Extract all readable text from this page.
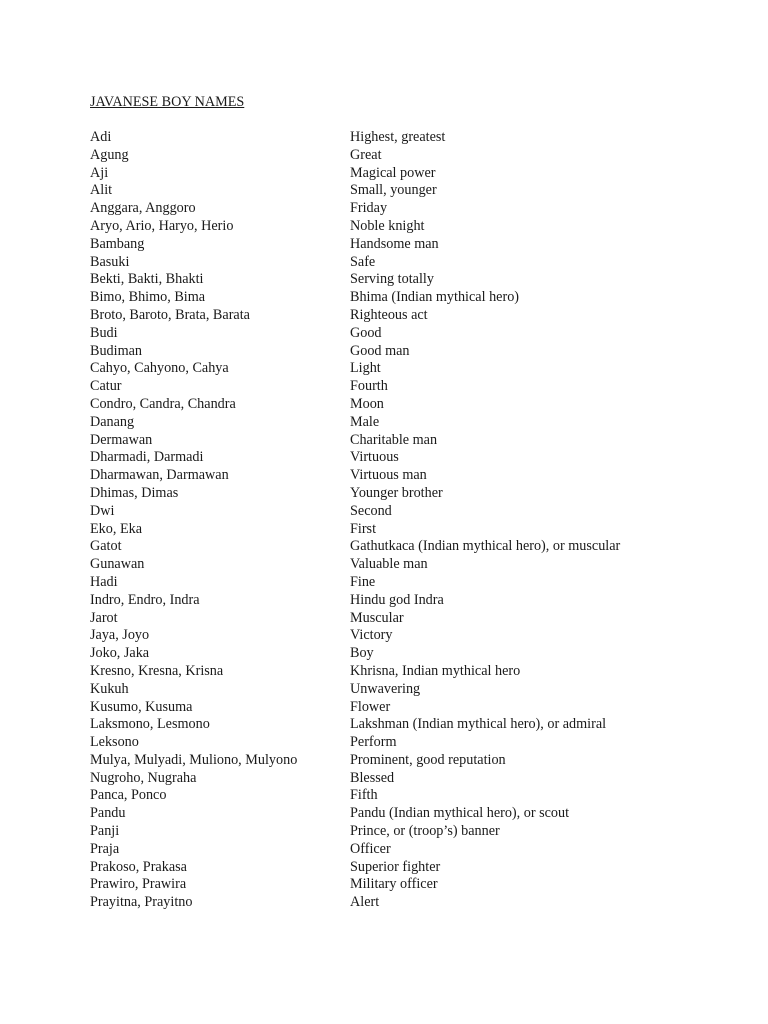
JAVANESE BOY NAMES
Adi	Highest, greatest
Agung	Great
Aji	Magical power
Alit	Small, younger
Anggara, Anggoro	Friday
Aryo, Ario, Haryo, Herio	Noble knight
Bambang	Handsome man
Basuki	Safe
Bekti, Bakti, Bhakti	Serving totally
Bimo, Bhimo, Bima	Bhima (Indian mythical hero)
Broto, Baroto, Brata, Barata	Righteous act
Budi	Good
Budiman	Good man
Cahyo, Cahyono, Cahya	Light
Catur	Fourth
Condro, Candra, Chandra	Moon
Danang	Male
Dermawan	Charitable man
Dharmadi, Darmadi	Virtuous
Dharmawan, Darmawan	Virtuous man
Dhimas, Dimas	Younger brother
Dwi	Second
Eko, Eka	First
Gatot	Gathutkaca (Indian mythical hero), or muscular
Gunawan	Valuable man
Hadi	Fine
Indro, Endro, Indra	Hindu god Indra
Jarot	Muscular
Jaya, Joyo	Victory
Joko, Jaka	Boy
Kresno, Kresna, Krisna	Khrisna, Indian mythical hero
Kukuh	Unwavering
Kusumo, Kusuma	Flower
Laksmono, Lesmono	Lakshman (Indian mythical hero), or admiral
Leksono	Perform
Mulya, Mulyadi, Muliono, Mulyono	Prominent, good reputation
Nugroho, Nugraha	Blessed
Panca, Ponco	Fifth
Pandu	Pandu (Indian mythical hero), or scout
Panji	Prince, or (troop’s) banner
Praja	Officer
Prakoso, Prakasa	Superior fighter
Prawiro, Prawira	Military officer
Prayitna, Prayitno	Alert
